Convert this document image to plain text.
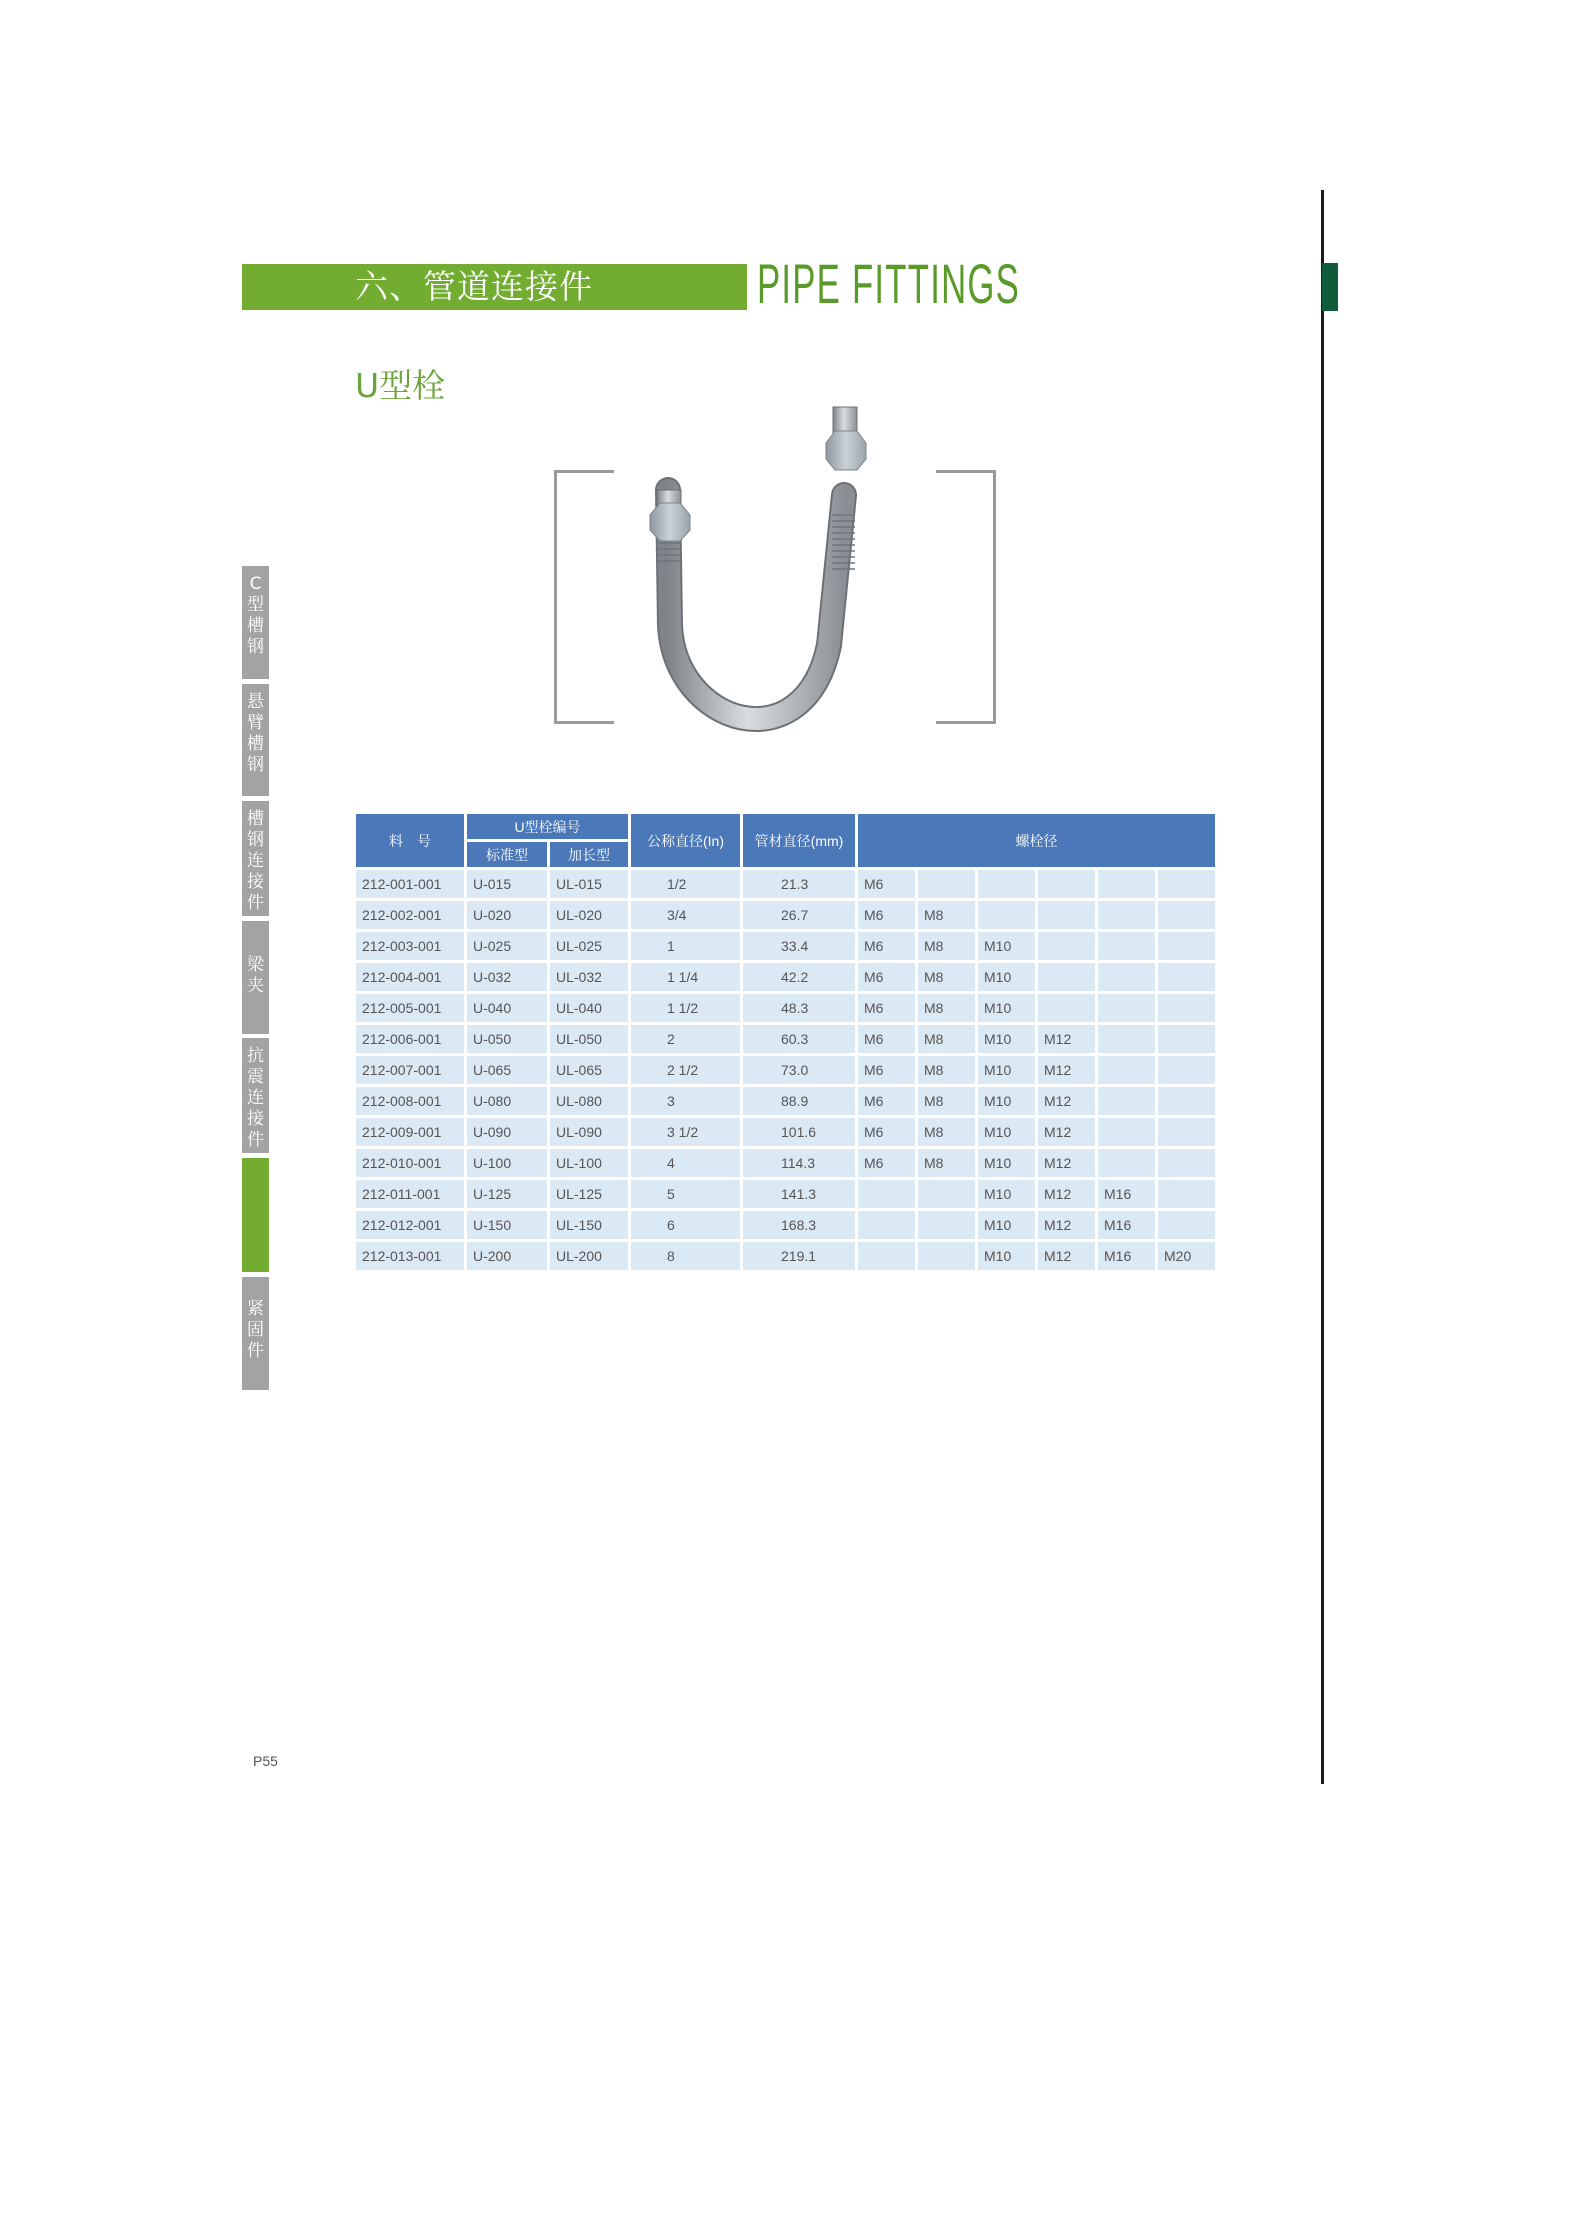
六、管道连接件	PIPE FITTINGS
U型栓
C型槽钢
悬臂槽钢
槽钢连接件
梁夹
抗震连接件
紧固件
料　号	U型栓编号		公称直径(In)	管材直径(mm)	螺栓径					
	标准型	加长型								
212-001-001	U-015	UL-015	1/2	21.3	M6					
212-002-001	U-020	UL-020	3/4	26.7	M6	M8				
212-003-001	U-025	UL-025	1	33.4	M6	M8	M10			
212-004-001	U-032	UL-032	1 1/4	42.2	M6	M8	M10			
212-005-001	U-040	UL-040	1 1/2	48.3	M6	M8	M10			
212-006-001	U-050	UL-050	2	60.3	M6	M8	M10	M12		
212-007-001	U-065	UL-065	2 1/2	73.0	M6	M8	M10	M12		
212-008-001	U-080	UL-080	3	88.9	M6	M8	M10	M12		
212-009-001	U-090	UL-090	3 1/2	101.6	M6	M8	M10	M12		
212-010-001	U-100	UL-100	4	114.3	M6	M8	M10	M12		
212-011-001	U-125	UL-125	5	141.3			M10	M12	M16	
212-012-001	U-150	UL-150	6	168.3			M10	M12	M16	
212-013-001	U-200	UL-200	8	219.1			M10	M12	M16	M20
P55
